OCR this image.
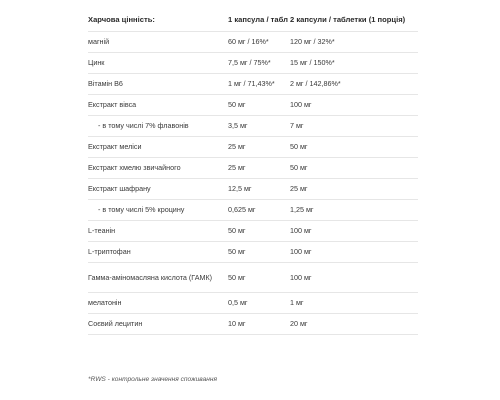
Харчова цінність:	1 капсула / табл	2 капсули / таблетки (1 порція)
магній	60 мг / 16%*	120 мг / 32%*
Цинк	7,5 мг / 75%*	15 мг / 150%*
Вітамін В6	1 мг / 71,43%*	2 мг / 142,86%*
Екстракт вівса	50 мг	100 мг
- в тому числі 7% флавонів	3,5 мг	7 мг
Екстракт меліси	25 мг	50 мг
Екстракт хмелю звичайного	25 мг	50 мг
Екстракт шафрану	12,5 мг	25 мг
- в тому числі 5% кроцину	0,625 мг	1,25 мг
L-теанін	50 мг	100 мг
L-триптофан	50 мг	100 мг
Гамма-аміномасляна кислота (ГАМК)	50 мг	100 мг
мелатонін	0,5 мг	1 мг
Соєвий лецитин	10 мг	20 мг
*RWS - контрольне значення споживання
